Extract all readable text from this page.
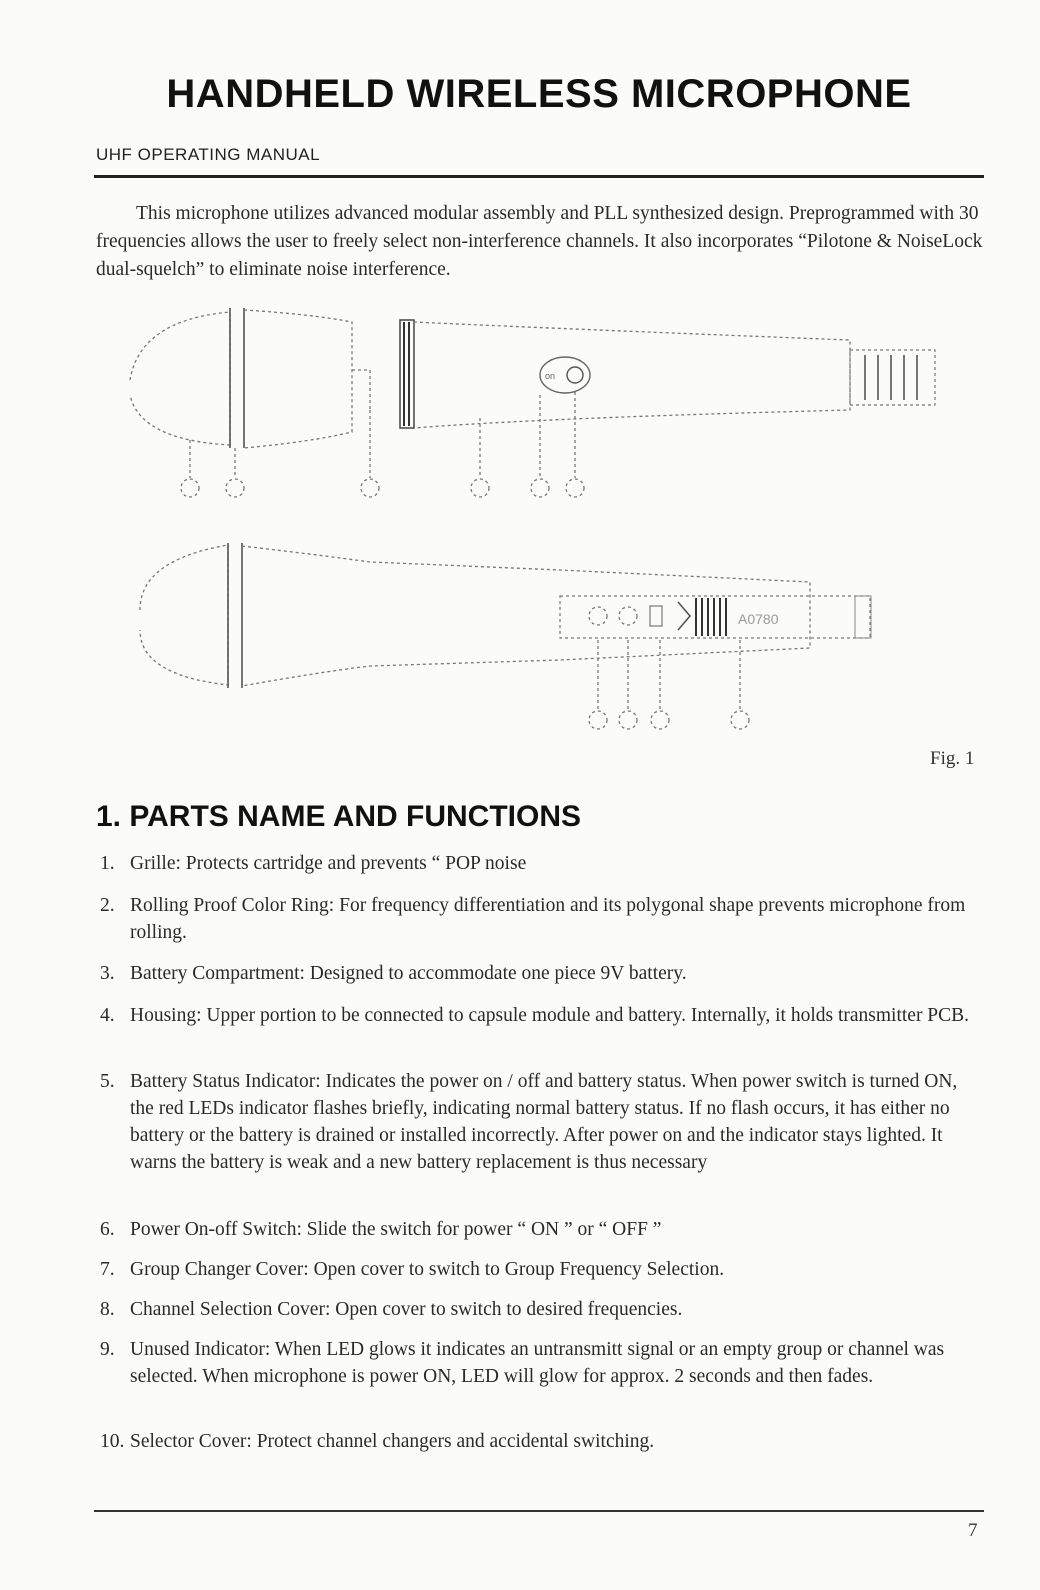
HANDHELD WIRELESS MICROPHONE
UHF OPERATING MANUAL

This microphone utilizes advanced modular assembly and PLL synthesized design. Preprogrammed with 30 frequencies allows the user to freely select non-interference channels. It also incorporates “Pilotone & NoiseLock dual-squelch” to eliminate noise interference.

on
A0780
Fig. 1
1. PARTS NAME AND FUNCTIONS
1. Grille: Protects cartridge and prevents “ POP noise
2. Rolling Proof Color Ring: For frequency differentiation and its polygonal shape prevents microphone from rolling.
3. Battery Compartment: Designed to accommodate one piece 9V battery.
4. Housing: Upper portion to be connected to capsule module and battery. Internally, it holds transmitter PCB.
5. Battery Status Indicator: Indicates the power on / off and battery status. When power switch is turned ON, the red LEDs indicator flashes briefly, indicating normal battery status. If no flash occurs, it has either no battery or the battery is drained or installed incorrectly. After power on and the indicator stays lighted. It warns the battery is weak and a new battery replacement is thus necessary
6. Power On-off Switch: Slide the switch for power “ ON ” or “ OFF ”
7. Group Changer Cover: Open cover to switch to Group Frequency Selection.
8. Channel Selection Cover: Open cover to switch to desired frequencies.
9. Unused Indicator: When LED glows it indicates an untransmitt signal or an empty group or channel was selected. When microphone is power ON, LED will glow for approx. 2 seconds and then fades.
10. Selector Cover: Protect channel changers and accidental switching.
7
